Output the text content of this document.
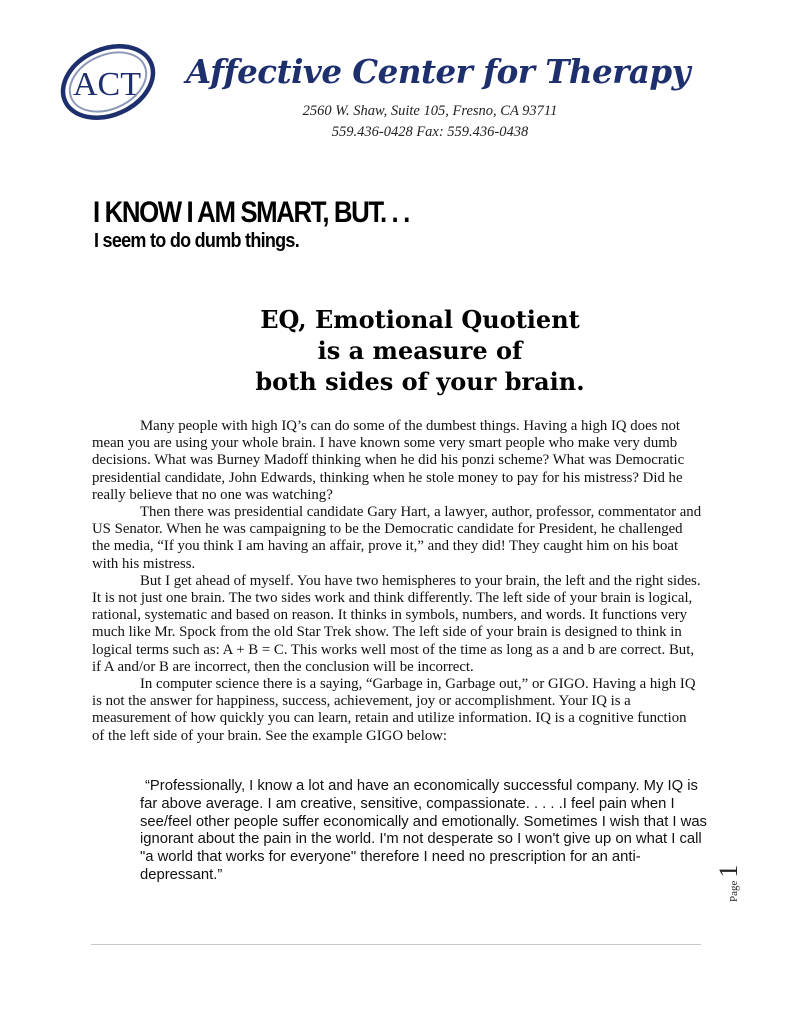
ACT Affective Center for Therapy
2560 W. Shaw, Suite 105, Fresno, CA 93711
559.436-0428 Fax: 559.436-0438
I KNOW I AM SMART, BUT. . .
I seem to do dumb things.
EQ, Emotional Quotient
is a measure of
both sides of your brain.

Many people with high IQ’s can do some of the dumbest things. Having a high IQ does not mean you are using your whole brain. I have known some very smart people who make very dumb decisions. What was Burney Madoff thinking when he did his ponzi scheme? What was Democratic presidential candidate, John Edwards, thinking when he stole money to pay for his mistress? Did he really believe that no one was watching?

Then there was presidential candidate Gary Hart, a lawyer, author, professor, commentator and US Senator. When he was campaigning to be the Democratic candidate for President, he challenged the media, “If you think I am having an affair, prove it,” and they did! They caught him on his boat with his mistress.

But I get ahead of myself. You have two hemispheres to your brain, the left and the right sides. It is not just one brain. The two sides work and think differently. The left side of your brain is logical, rational, systematic and based on reason. It thinks in symbols, numbers, and words. It functions very much like Mr. Spock from the old Star Trek show. The left side of your brain is designed to think in logical terms such as: A + B = C. This works well most of the time as long as a and b are correct. But, if A and/or B are incorrect, then the conclusion will be incorrect.

In computer science there is a saying, “Garbage in, Garbage out,” or GIGO. Having a high IQ is not the answer for happiness, success, achievement, joy or accomplishment. Your IQ is a measurement of how quickly you can learn, retain and utilize information. IQ is a cognitive function of the left side of your brain. See the example GIGO below:

“Professionally, I know a lot and have an economically successful company. My IQ is far above average. I am creative, sensitive, compassionate. . . . .I feel pain when I see/feel other people suffer economically and emotionally. Sometimes I wish that I was ignorant about the pain in the world. I'm not desperate so I won't give up on what I call "a world that works for everyone" therefore I need no prescription for an anti-depressant.”

Page1
